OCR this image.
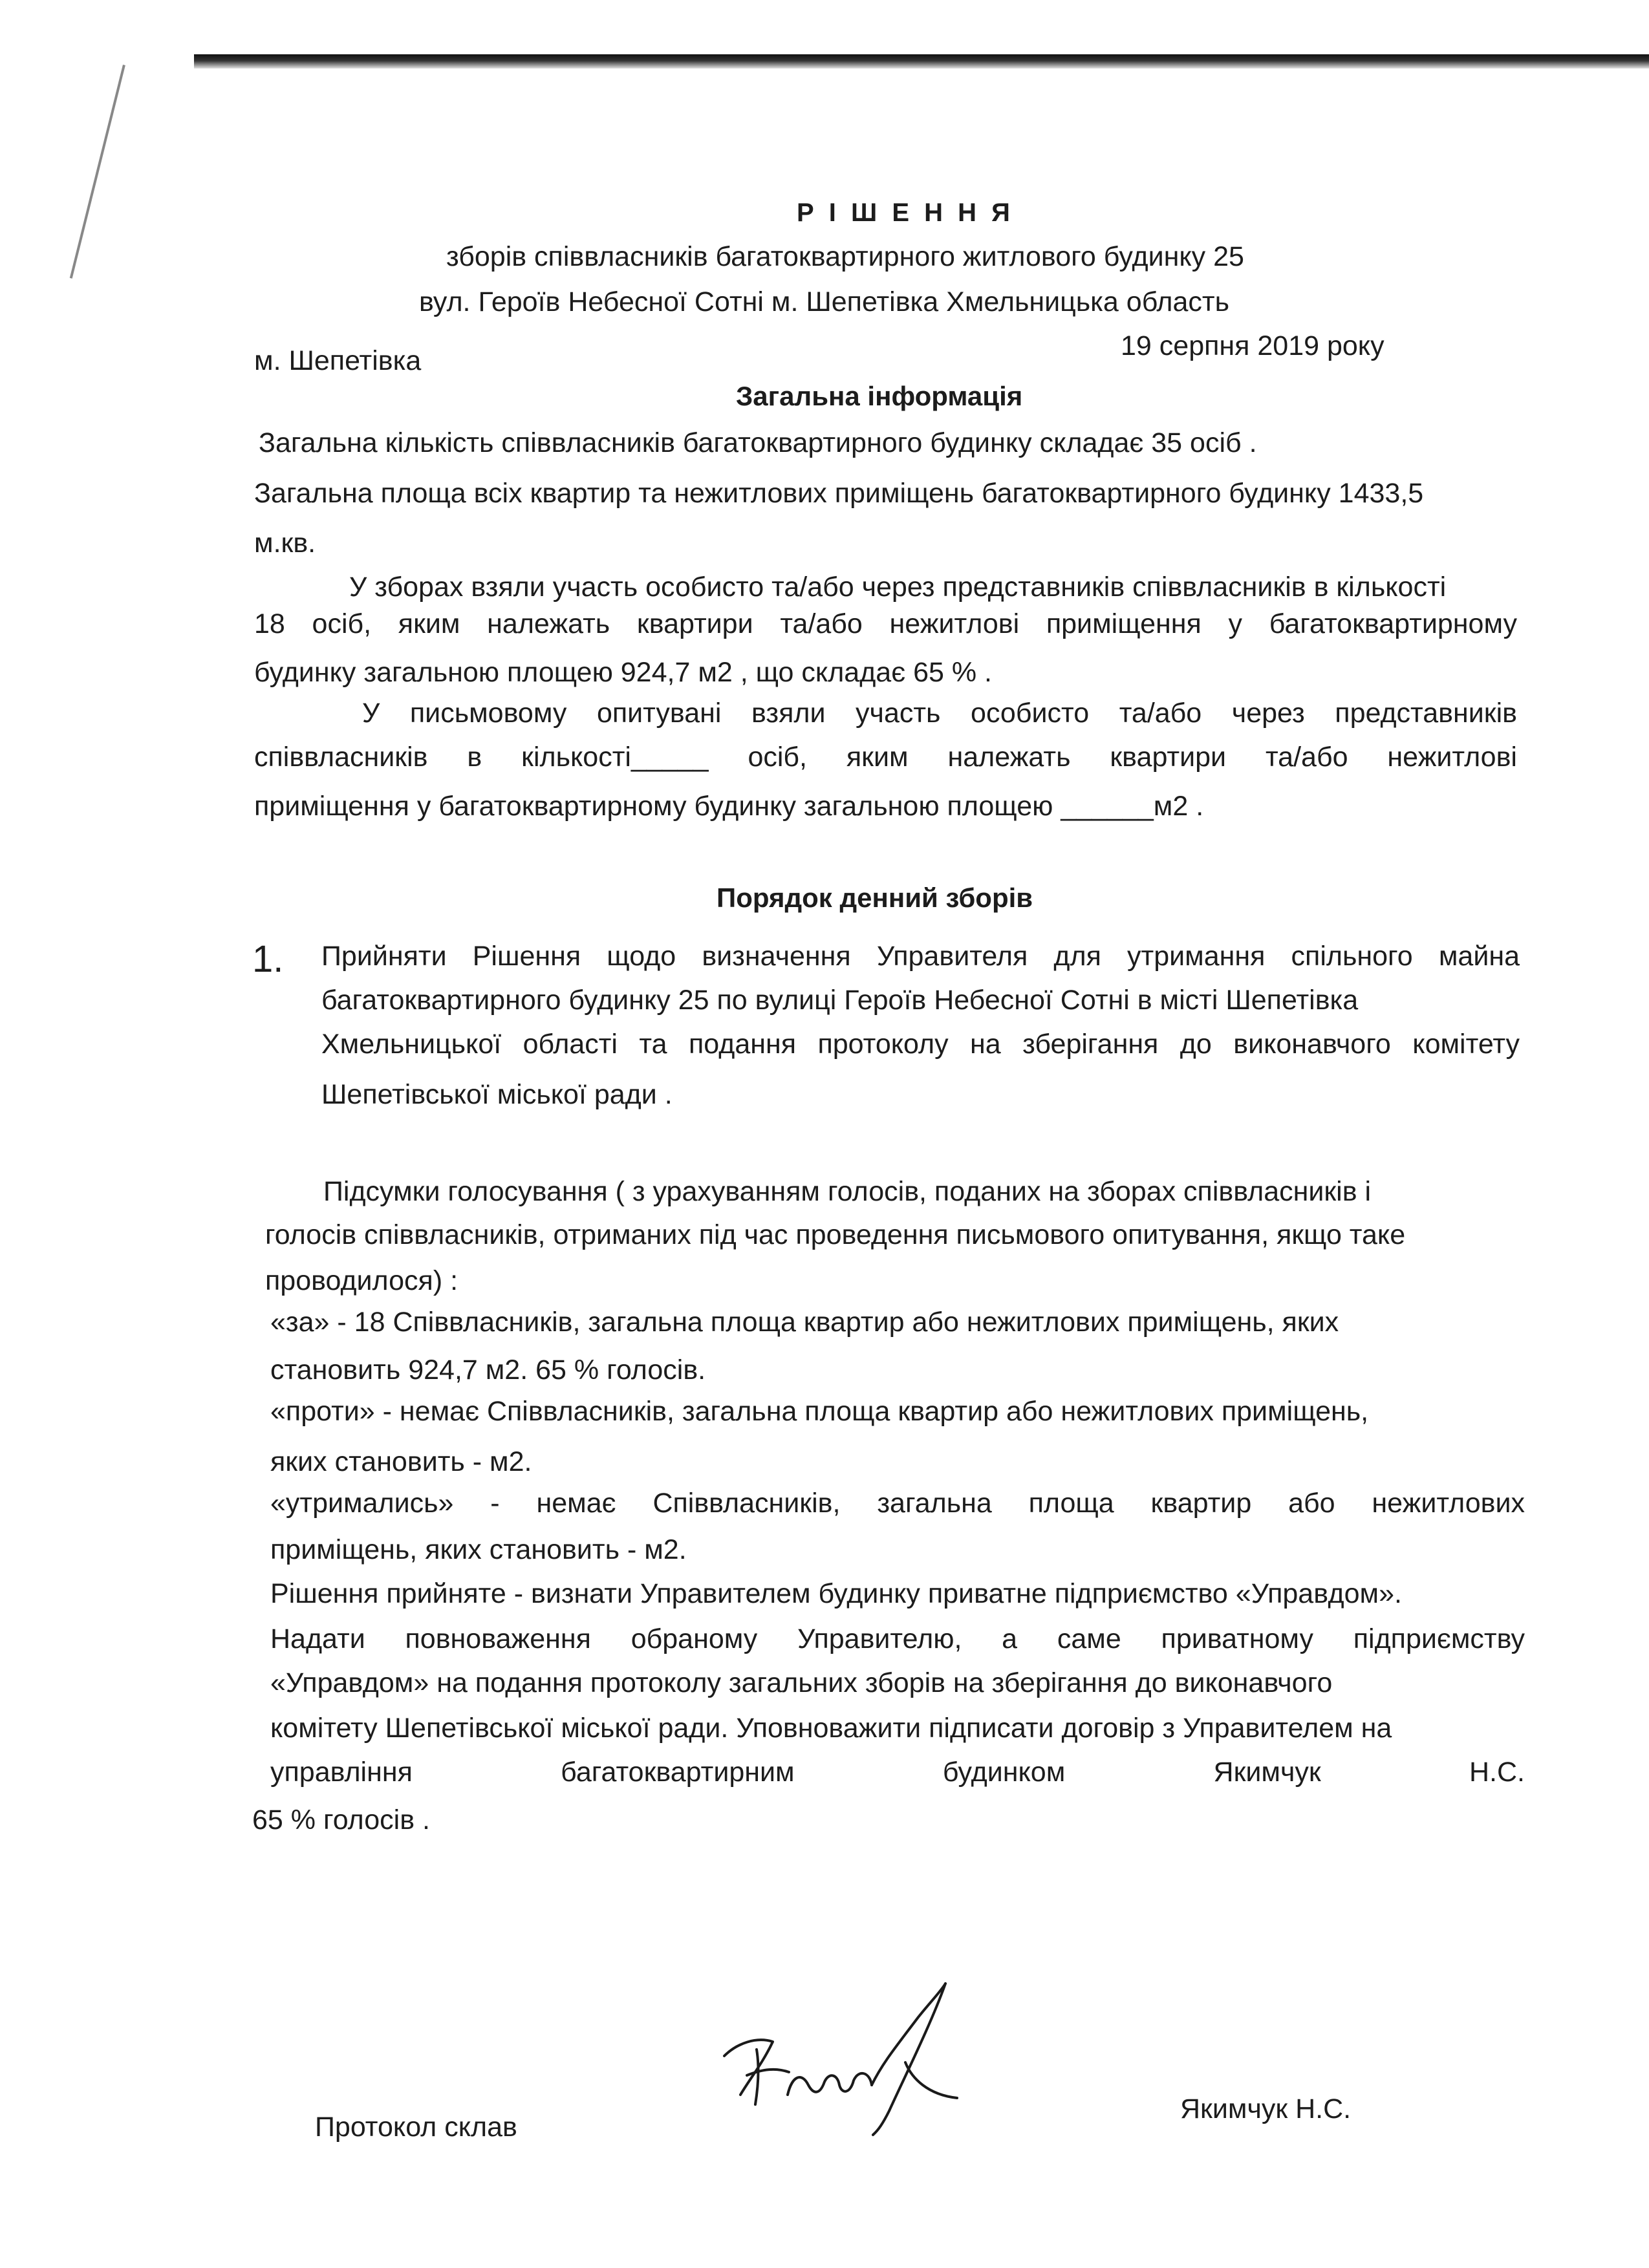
Р І Ш Е Н Н Я
зборів співвласників багатоквартирного житлового будинку 25
вул. Героїв Небесної Сотні м. Шепетівка Хмельницька область
19 серпня 2019 року
м. Шепетівка
Загальна інформація
Загальна кількість співвласників багатоквартирного будинку складає 35 осіб .
Загальна площа всіх квартир та нежитлових приміщень багатоквартирного будинку 1433,5
м.кв.
У зборах взяли участь особисто та/або через представників співвласників в кількості
18 осіб, яким належать квартири та/або нежитлові приміщення у багатоквартирному
будинку загальною площею 924,7 м2 , що складає 65 % .
У письмовому опитувані взяли участь особисто та/або через представників
співвласників в кількості_____ осіб, яким належать квартири та/або нежитлові
приміщення у багатоквартирному будинку загальною площею ______м2 .
Порядок денний зборів
1. Прийняти Рішення щодо визначення Управителя для утримання спільного майна
багатоквартирного будинку 25 по вулиці Героїв Небесної Сотні в місті Шепетівка
Хмельницької області та подання протоколу на зберігання до виконавчого комітету
Шепетівської міської ради .
Підсумки голосування ( з урахуванням голосів, поданих на зборах співвласників і
голосів співвласників, отриманих під час проведення письмового опитування, якщо таке
проводилося) :
«за» - 18 Співвласників, загальна площа квартир або нежитлових приміщень, яких
становить 924,7 м2. 65 % голосів.
«проти» - немає Співвласників, загальна площа квартир або нежитлових приміщень,
яких становить - м2.
«утримались» - немає Співвласників, загальна площа квартир або нежитлових
приміщень, яких становить - м2.
Рішення прийняте - визнати Управителем будинку приватне підприємство «Управдом».
Надати повноваження обраному Управителю, а саме приватному підприємству
«Управдом» на подання протоколу загальних зборів на зберігання до виконавчого
комітету Шепетівської міської ради. Уповноважити підписати договір з Управителем на
управління багатоквартирним будинком Якимчук Н.С.
65 % голосів .
Протокол склав
Якимчук Н.С.
